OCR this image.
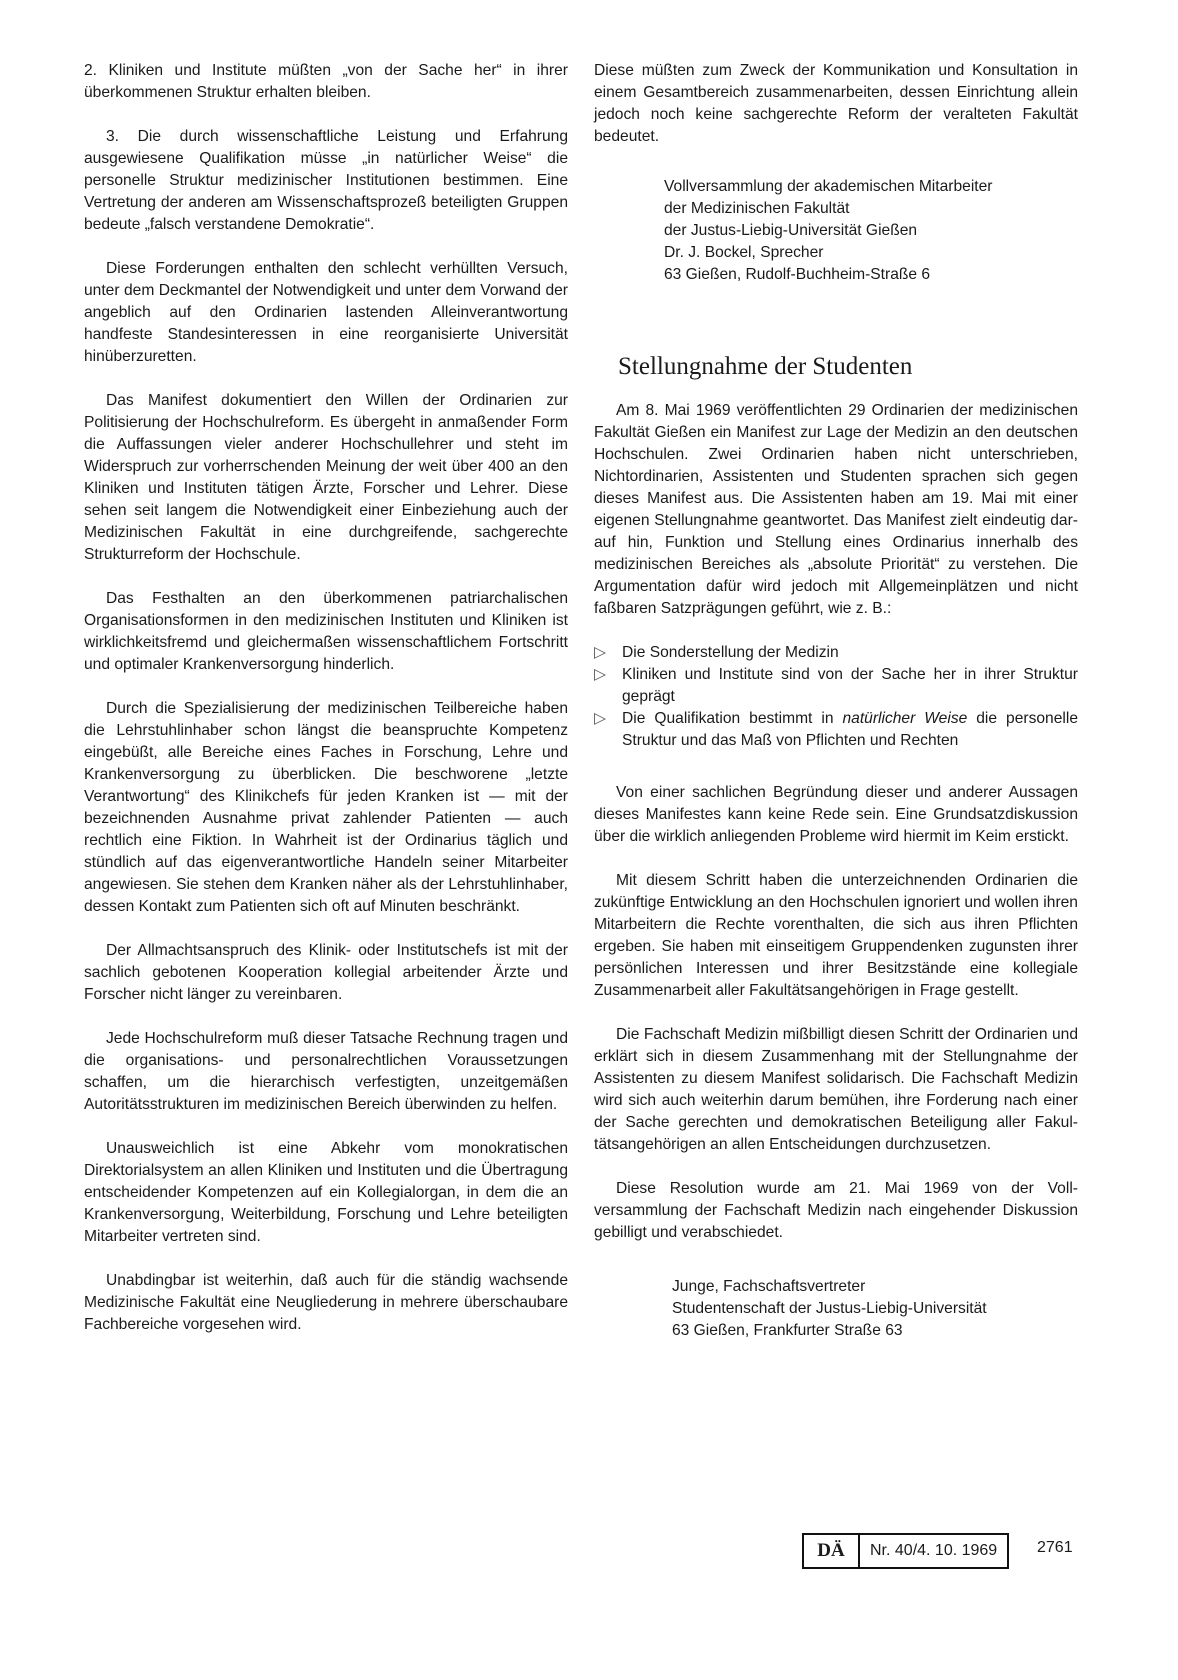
2. Kliniken und Institute müßten „von der Sache her“ in ihrer überkommenen Struktur erhalten bleiben.

3. Die durch wissenschaftliche Leistung und Erfahrung ausgewiesene Qualifikation müsse „in natürlicher Weise“ die personelle Struktur medizinischer Institutionen bestimmen. Eine Vertretung der anderen am Wissenschaftsprozeß beteiligten Gruppen bedeute „falsch verstandene Demokratie“.

Diese Forderungen enthalten den schlecht verhüllten Versuch, unter dem Deckmantel der Notwendigkeit und unter dem Vorwand der angeblich auf den Ordinarien lastenden Alleinverantwortung handfeste Standesinteressen in eine reorganisierte Universität hinüberzuretten.

Das Manifest dokumentiert den Willen der Ordinarien zur Politisierung der Hochschulreform. Es übergeht in anmaßender Form die Auffassungen vieler anderer Hochschullehrer und steht im Widerspruch zur vorherrschenden Meinung der weit über 400 an den Kliniken und Instituten tätigen Ärzte, Forscher und Lehrer. Diese sehen seit langem die Notwendigkeit einer Einbeziehung auch der Medizinischen Fakultät in eine durchgreifende, sachgerechte Strukturreform der Hochschule.

Das Festhalten an den überkommenen patriarchalischen Organisationsformen in den medizinischen Instituten und Kliniken ist wirklichkeitsfremd und gleichermaßen wissenschaftlichem Fortschritt und optimaler Krankenversorgung hinderlich.

Durch die Spezialisierung der medizinischen Teilbereiche haben die Lehrstuhlinhaber schon längst die beanspruchte Kompetenz eingebüßt, alle Bereiche eines Faches in Forschung, Lehre und Krankenversorgung zu überblicken. Die beschworene „letzte Verantwortung“ des Klinikchefs für jeden Kranken ist — mit der bezeichnenden Ausnahme privat zahlender Patienten — auch rechtlich eine Fiktion. In Wahrheit ist der Ordinarius täglich und stündlich auf das eigenverantwortliche Handeln seiner Mitarbeiter angewiesen. Sie stehen dem Kranken näher als der Lehrstuhlinhaber, dessen Kontakt zum Patienten sich oft auf Minuten beschränkt.

Der Allmachtsanspruch des Klinik- oder Institutschefs ist mit der sachlich gebotenen Kooperation kollegial arbeitender Ärzte und Forscher nicht länger zu vereinbaren.

Jede Hochschulreform muß dieser Tatsache Rechnung tragen und die organisations- und personalrechtlichen Voraussetzungen schaffen, um die hierarchisch verfestigten, unzeitgemäßen Autoritätsstrukturen im medizinischen Bereich überwinden zu helfen.

Unausweichlich ist eine Abkehr vom monokratischen Direktorialsystem an allen Kliniken und Instituten und die Übertragung entscheidender Kompetenzen auf ein Kollegialorgan, in dem die an Krankenversorgung, Weiterbildung, Forschung und Lehre beteiligten Mitarbeiter vertreten sind.

Unabdingbar ist weiterhin, daß auch für die ständig wachsende Medizinische Fakultät eine Neugliederung in mehrere überschaubare Fachbereiche vorgesehen wird.

Diese müßten zum Zweck der Kommunikation und Konsultation in einem Gesamtbereich zusammenarbeiten, dessen Einrichtung allein jedoch noch keine sachgerechte Reform der veralteten Fakultät bedeutet.

Vollversammlung der akademischen Mitarbeiter
der Medizinischen Fakultät
der Justus-Liebig-Universität Gießen
Dr. J. Bockel, Sprecher
63 Gießen, Rudolf-Buchheim-Straße 6
Stellungnahme der Studenten

Am 8. Mai 1969 veröffentlichten 29 Ordinarien der medizinischen Fakultät Gießen ein Manifest zur Lage der Medizin an den deutschen Hochschulen. Zwei Ordinarien haben nicht unterschrieben, Nichtordinarien, Assistenten und Studenten sprachen sich gegen dieses Manifest aus. Die Assistenten haben am 19. Mai mit einer eigenen Stellungnahme geantwortet. Das Manifest zielt eindeutig darauf hin, Funktion und Stellung eines Ordinarius innerhalb des medizinischen Bereiches als „absolute Priorität“ zu verstehen. Die Argumentation dafür wird jedoch mit Allgemeinplätzen und nicht faßbaren Satzprägungen geführt, wie z. B.:

▷ Die Sonderstellung der Medizin
▷ Kliniken und Institute sind von der Sache her in ihrer Struktur geprägt
▷ Die Qualifikation bestimmt in natürlicher Weise die personelle Struktur und das Maß von Pflichten und Rechten

Von einer sachlichen Begründung dieser und anderer Aussagen dieses Manifestes kann keine Rede sein. Eine Grundsatzdiskussion über die wirklich anliegenden Probleme wird hiermit im Keim erstickt.

Mit diesem Schritt haben die unterzeichnenden Ordinarien die zukünftige Entwicklung an den Hochschulen ignoriert und wollen ihren Mitarbeitern die Rechte vorenthalten, die sich aus ihren Pflichten ergeben. Sie haben mit einseitigem Gruppendenken zugunsten ihrer persönlichen Interessen und ihrer Besitzstände eine kollegiale Zusammenarbeit aller Fakultätsangehörigen in Frage gestellt.

Die Fachschaft Medizin mißbilligt diesen Schritt der Ordinarien und erklärt sich in diesem Zusammenhang mit der Stellungnahme der Assistenten zu diesem Manifest solidarisch. Die Fachschaft Medizin wird sich auch weiterhin darum bemühen, ihre Forderung nach einer der Sache gerechten und demokratischen Beteiligung aller Fakultätsangehörigen an allen Entscheidungen durchzusetzen.

Diese Resolution wurde am 21. Mai 1969 von der Vollversammlung der Fachschaft Medizin nach eingehender Diskussion gebilligt und verabschiedet.

Junge, Fachschaftsvertreter
Studentenschaft der Justus-Liebig-Universität
63 Gießen, Frankfurter Straße 63
DÄ	Nr. 40/4. 10. 1969	2761
